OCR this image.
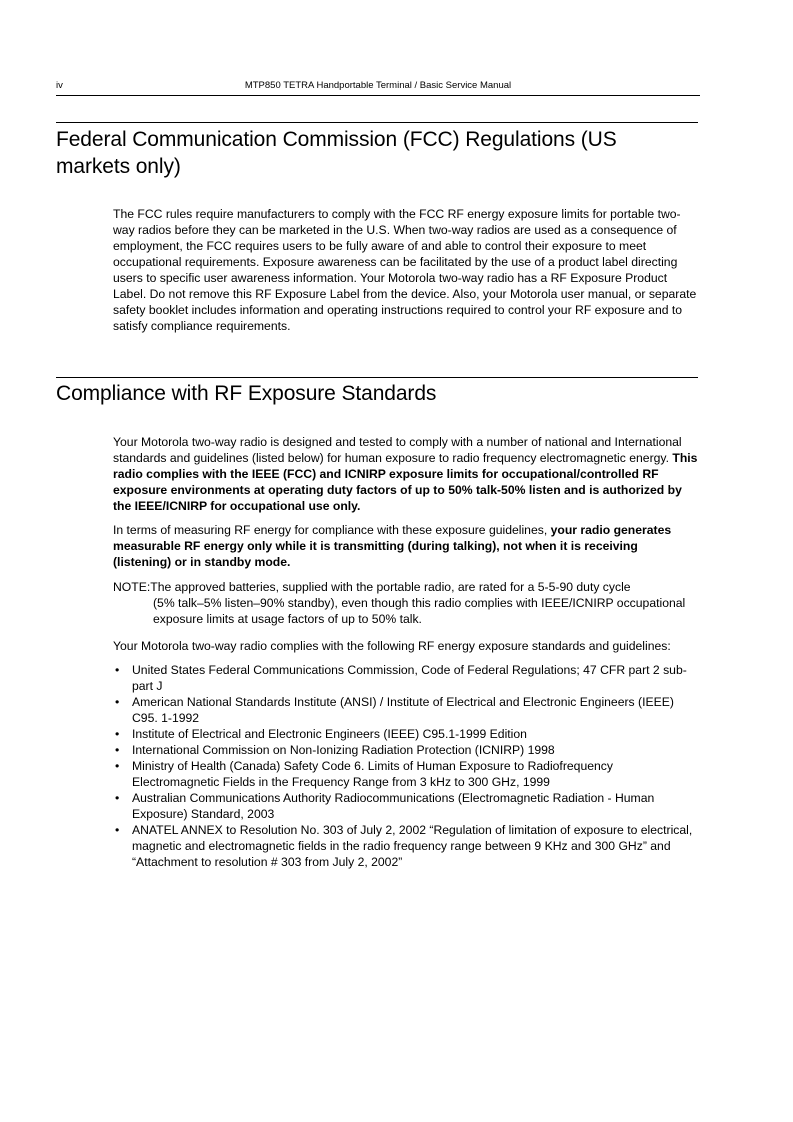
iv	MTP850 TETRA Handportable Terminal / Basic Service Manual
Federal Communication Commission (FCC) Regulations (US markets only)

The FCC rules require manufacturers to comply with the FCC RF energy exposure limits for portable two-way radios before they can be marketed in the U.S. When two-way radios are used as a consequence of employment, the FCC requires users to be fully aware of and able to control their exposure to meet occupational requirements. Exposure awareness can be facilitated by the use of a product label directing users to specific user awareness information. Your Motorola two-way radio has a RF Exposure Product Label. Do not remove this RF Exposure Label from the device. Also, your Motorola user manual, or separate safety booklet includes information and operating instructions required to control your RF exposure and to satisfy compliance requirements.

Compliance with RF Exposure Standards

Your Motorola two-way radio is designed and tested to comply with a number of national and International standards and guidelines (listed below) for human exposure to radio frequency electromagnetic energy. This radio complies with the IEEE (FCC) and ICNIRP exposure limits for occupational/controlled RF exposure environments at operating duty factors of up to 50% talk-50% listen and is authorized by the IEEE/ICNIRP for occupational use only.

In terms of measuring RF energy for compliance with these exposure guidelines, your radio generates measurable RF energy only while it is transmitting (during talking), not when it is receiving (listening) or in standby mode.

NOTE:The approved batteries, supplied with the portable radio, are rated for a 5-5-90 duty cycle
(5% talk–5% listen–90% standby), even though this radio complies with IEEE/ICNIRP occupational exposure limits at usage factors of up to 50% talk.

Your Motorola two-way radio complies with the following RF energy exposure standards and guidelines:

• United States Federal Communications Commission, Code of Federal Regulations; 47 CFR part 2 sub-part J
• American National Standards Institute (ANSI) / Institute of Electrical and Electronic Engineers (IEEE) C95. 1-1992
• Institute of Electrical and Electronic Engineers (IEEE) C95.1-1999 Edition
• International Commission on Non-Ionizing Radiation Protection (ICNIRP) 1998
• Ministry of Health (Canada) Safety Code 6. Limits of Human Exposure to Radiofrequency Electromagnetic Fields in the Frequency Range from 3 kHz to 300 GHz, 1999
• Australian Communications Authority Radiocommunications (Electromagnetic Radiation - Human Exposure) Standard, 2003
• ANATEL ANNEX to Resolution No. 303 of July 2, 2002 “Regulation of limitation of exposure to electrical, magnetic and electromagnetic fields in the radio frequency range between 9 KHz and 300 GHz” and “Attachment to resolution # 303 from July 2, 2002”
